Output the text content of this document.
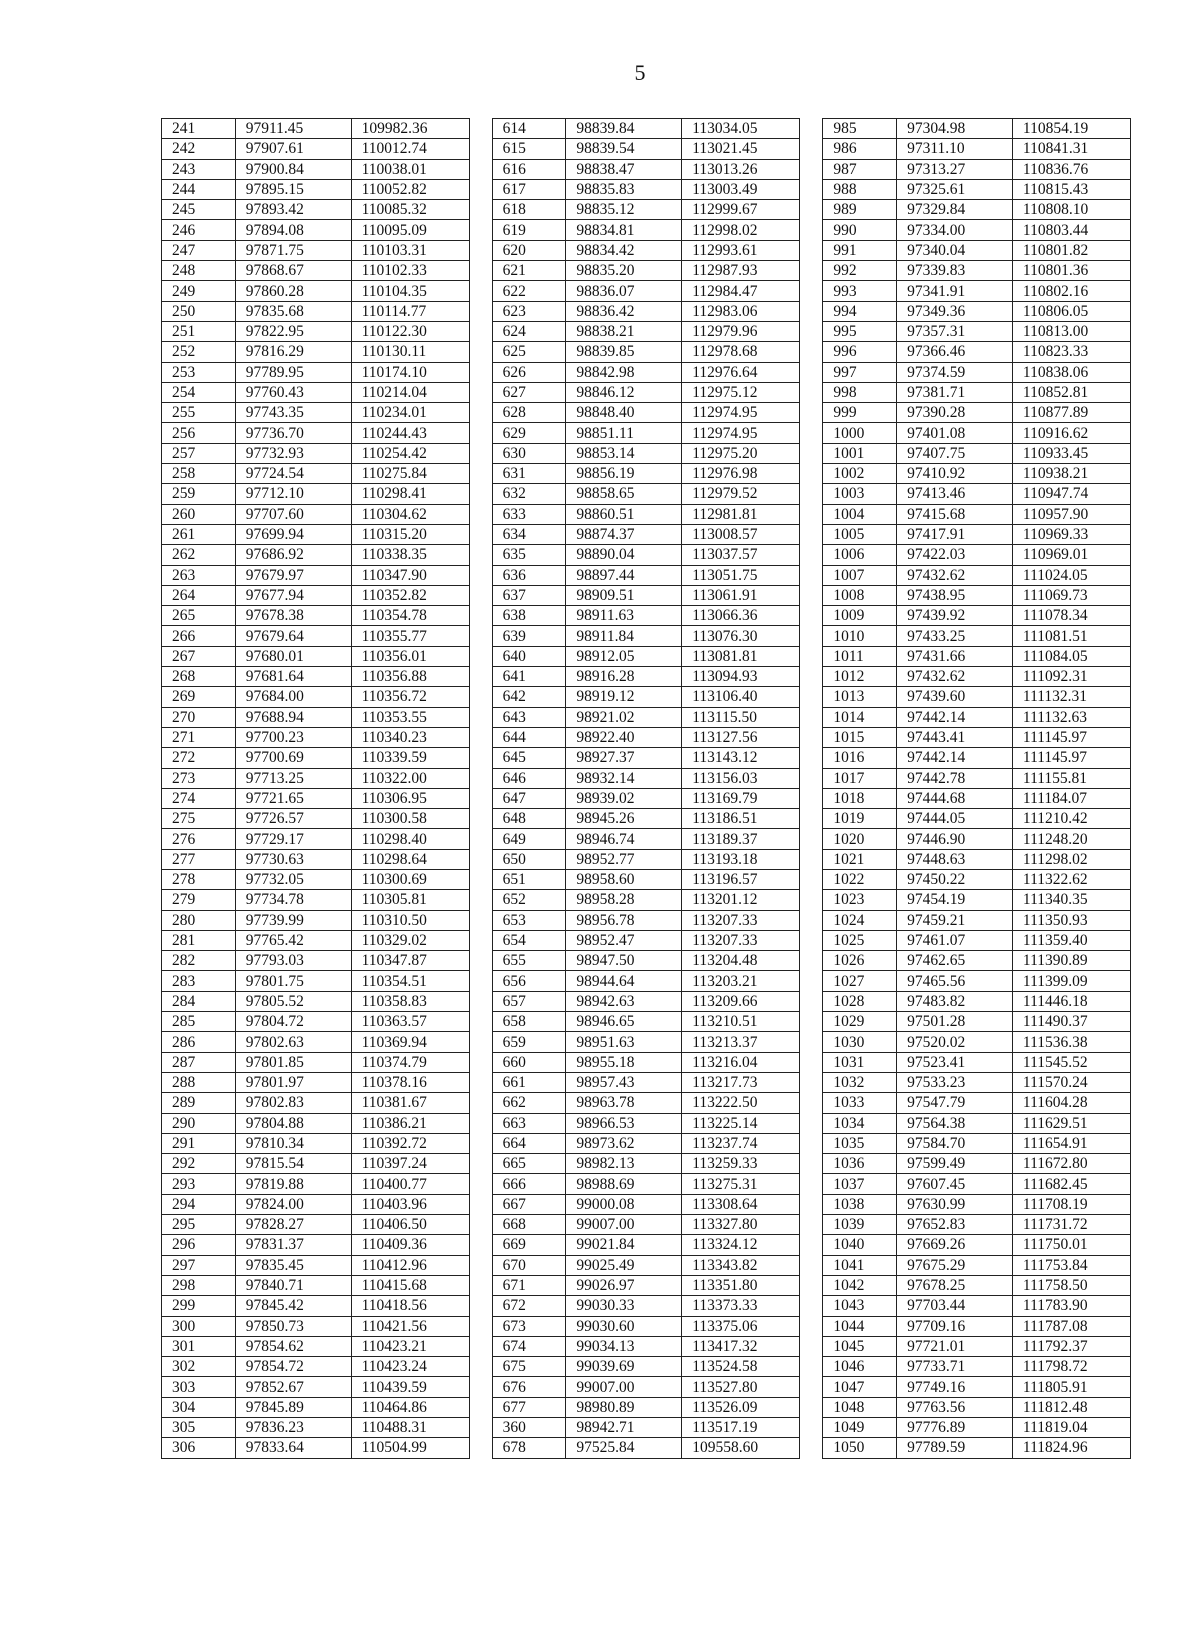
5
241	97911.45	109982.36		614	98839.84	113034.05		985	97304.98	110854.19
242	97907.61	110012.74		615	98839.54	113021.45		986	97311.10	110841.31
243	97900.84	110038.01		616	98838.47	113013.26		987	97313.27	110836.76
244	97895.15	110052.82		617	98835.83	113003.49		988	97325.61	110815.43
245	97893.42	110085.32		618	98835.12	112999.67		989	97329.84	110808.10
246	97894.08	110095.09		619	98834.81	112998.02		990	97334.00	110803.44
247	97871.75	110103.31		620	98834.42	112993.61		991	97340.04	110801.82
248	97868.67	110102.33		621	98835.20	112987.93		992	97339.83	110801.36
249	97860.28	110104.35		622	98836.07	112984.47		993	97341.91	110802.16
250	97835.68	110114.77		623	98836.42	112983.06		994	97349.36	110806.05
251	97822.95	110122.30		624	98838.21	112979.96		995	97357.31	110813.00
252	97816.29	110130.11		625	98839.85	112978.68		996	97366.46	110823.33
253	97789.95	110174.10		626	98842.98	112976.64		997	97374.59	110838.06
254	97760.43	110214.04		627	98846.12	112975.12		998	97381.71	110852.81
255	97743.35	110234.01		628	98848.40	112974.95		999	97390.28	110877.89
256	97736.70	110244.43		629	98851.11	112974.95		1000	97401.08	110916.62
257	97732.93	110254.42		630	98853.14	112975.20		1001	97407.75	110933.45
258	97724.54	110275.84		631	98856.19	112976.98		1002	97410.92	110938.21
259	97712.10	110298.41		632	98858.65	112979.52		1003	97413.46	110947.74
260	97707.60	110304.62		633	98860.51	112981.81		1004	97415.68	110957.90
261	97699.94	110315.20		634	98874.37	113008.57		1005	97417.91	110969.33
262	97686.92	110338.35		635	98890.04	113037.57		1006	97422.03	110969.01
263	97679.97	110347.90		636	98897.44	113051.75		1007	97432.62	111024.05
264	97677.94	110352.82		637	98909.51	113061.91		1008	97438.95	111069.73
265	97678.38	110354.78		638	98911.63	113066.36		1009	97439.92	111078.34
266	97679.64	110355.77		639	98911.84	113076.30		1010	97433.25	111081.51
267	97680.01	110356.01		640	98912.05	113081.81		1011	97431.66	111084.05
268	97681.64	110356.88		641	98916.28	113094.93		1012	97432.62	111092.31
269	97684.00	110356.72		642	98919.12	113106.40		1013	97439.60	111132.31
270	97688.94	110353.55		643	98921.02	113115.50		1014	97442.14	111132.63
271	97700.23	110340.23		644	98922.40	113127.56		1015	97443.41	111145.97
272	97700.69	110339.59		645	98927.37	113143.12		1016	97442.14	111145.97
273	97713.25	110322.00		646	98932.14	113156.03		1017	97442.78	111155.81
274	97721.65	110306.95		647	98939.02	113169.79		1018	97444.68	111184.07
275	97726.57	110300.58		648	98945.26	113186.51		1019	97444.05	111210.42
276	97729.17	110298.40		649	98946.74	113189.37		1020	97446.90	111248.20
277	97730.63	110298.64		650	98952.77	113193.18		1021	97448.63	111298.02
278	97732.05	110300.69		651	98958.60	113196.57		1022	97450.22	111322.62
279	97734.78	110305.81		652	98958.28	113201.12		1023	97454.19	111340.35
280	97739.99	110310.50		653	98956.78	113207.33		1024	97459.21	111350.93
281	97765.42	110329.02		654	98952.47	113207.33		1025	97461.07	111359.40
282	97793.03	110347.87		655	98947.50	113204.48		1026	97462.65	111390.89
283	97801.75	110354.51		656	98944.64	113203.21		1027	97465.56	111399.09
284	97805.52	110358.83		657	98942.63	113209.66		1028	97483.82	111446.18
285	97804.72	110363.57		658	98946.65	113210.51		1029	97501.28	111490.37
286	97802.63	110369.94		659	98951.63	113213.37		1030	97520.02	111536.38
287	97801.85	110374.79		660	98955.18	113216.04		1031	97523.41	111545.52
288	97801.97	110378.16		661	98957.43	113217.73		1032	97533.23	111570.24
289	97802.83	110381.67		662	98963.78	113222.50		1033	97547.79	111604.28
290	97804.88	110386.21		663	98966.53	113225.14		1034	97564.38	111629.51
291	97810.34	110392.72		664	98973.62	113237.74		1035	97584.70	111654.91
292	97815.54	110397.24		665	98982.13	113259.33		1036	97599.49	111672.80
293	97819.88	110400.77		666	98988.69	113275.31		1037	97607.45	111682.45
294	97824.00	110403.96		667	99000.08	113308.64		1038	97630.99	111708.19
295	97828.27	110406.50		668	99007.00	113327.80		1039	97652.83	111731.72
296	97831.37	110409.36		669	99021.84	113324.12		1040	97669.26	111750.01
297	97835.45	110412.96		670	99025.49	113343.82		1041	97675.29	111753.84
298	97840.71	110415.68		671	99026.97	113351.80		1042	97678.25	111758.50
299	97845.42	110418.56		672	99030.33	113373.33		1043	97703.44	111783.90
300	97850.73	110421.56		673	99030.60	113375.06		1044	97709.16	111787.08
301	97854.62	110423.21		674	99034.13	113417.32		1045	97721.01	111792.37
302	97854.72	110423.24		675	99039.69	113524.58		1046	97733.71	111798.72
303	97852.67	110439.59		676	99007.00	113527.80		1047	97749.16	111805.91
304	97845.89	110464.86		677	98980.89	113526.09		1048	97763.56	111812.48
305	97836.23	110488.31		360	98942.71	113517.19		1049	97776.89	111819.04
306	97833.64	110504.99		678	97525.84	109558.60		1050	97789.59	111824.96
